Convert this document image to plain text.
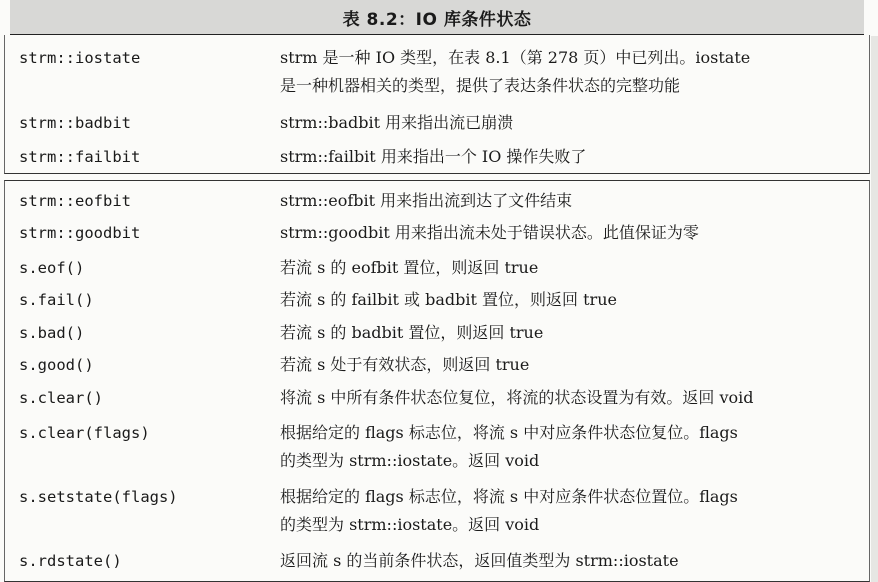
表 8.2：IO 库条件状态
strm::iostate	strm 是一种 IO 类型，在表 8.1（第 278 页）中已列出。iostate
是一种机器相关的类型，提供了表达条件状态的完整功能
strm::badbit	strm::badbit 用来指出流已崩溃
strm::failbit	strm::failbit 用来指出一个 IO 操作失败了
strm::eofbit	strm::eofbit 用来指出流到达了文件结束
strm::goodbit	strm::goodbit 用来指出流未处于错误状态。此值保证为零
s.eof()	若流 s 的 eofbit 置位，则返回 true
s.fail()	若流 s 的 failbit 或 badbit 置位，则返回 true
s.bad()	若流 s 的 badbit 置位，则返回 true
s.good()	若流 s 处于有效状态，则返回 true
s.clear()	将流 s 中所有条件状态位复位，将流的状态设置为有效。返回 void
s.clear(flags)	根据给定的 flags 标志位，将流 s 中对应条件状态位复位。flags
的类型为 strm::iostate。返回 void
s.setstate(flags)	根据给定的 flags 标志位，将流 s 中对应条件状态位置位。flags
的类型为 strm::iostate。返回 void
s.rdstate()	返回流 s 的当前条件状态，返回值类型为 strm::iostate
